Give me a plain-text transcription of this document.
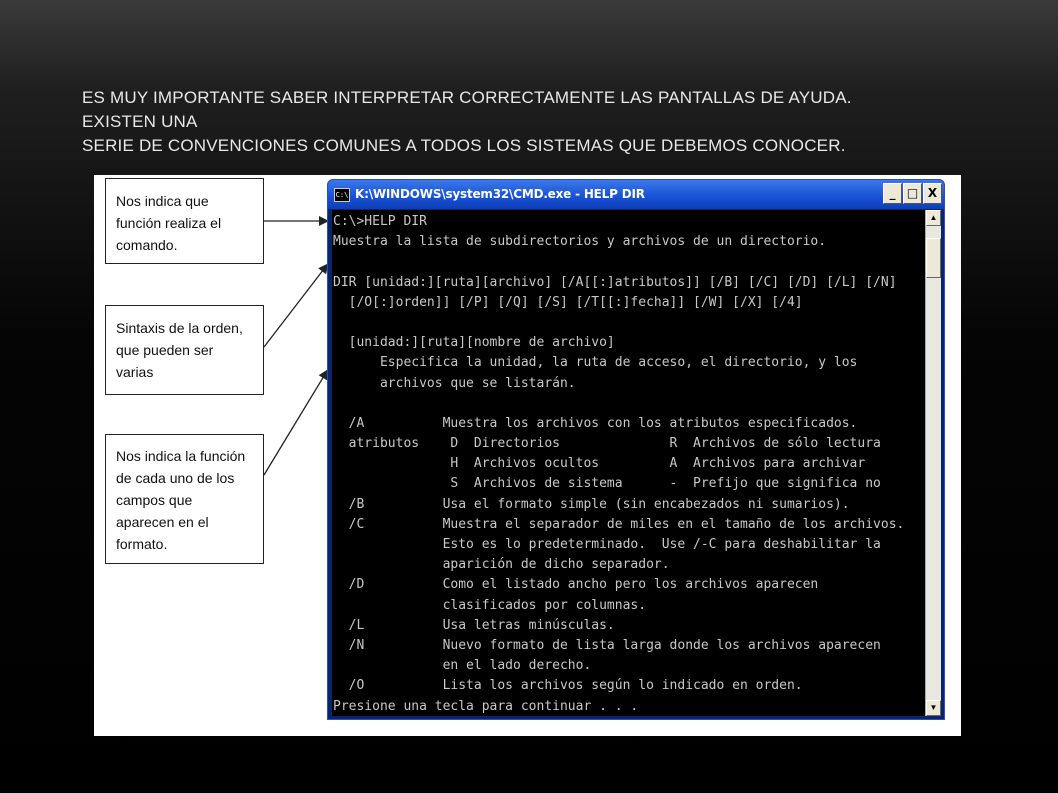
ES MUY IMPORTANTE SABER INTERPRETAR CORRECTAMENTE LAS PANTALLAS DE AYUDA.
EXISTEN UNA
SERIE DE CONVENCIONES COMUNES A TODOS LOS SISTEMAS QUE DEBEMOS CONOCER.
Nos indica que
función realiza el
comando.
Sintaxis de la orden,
que pueden ser
varias
Nos indica la función
de cada uno de los
campos que
aparecen en el
formato.
C:\ K:\WINDOWS\system32\CMD.exe - HELP DIR	_ □ X
C:\>HELP DIR
Muestra la lista de subdirectorios y archivos de un directorio.
DIR [unidad:][ruta][archivo] [/A[[:]atributos]] [/B] [/C] [/D] [/L] [/N]
[/O[:]orden]] [/P] [/Q] [/S] [/T[[:]fecha]] [/W] [/X] [/4]
[unidad:][ruta][nombre de archivo]
Especifica la unidad, la ruta de acceso, el directorio, y los
archivos que se listarán.
/A          Muestra los archivos con los atributos especificados.
atributos    D  Directorios              R  Archivos de sólo lectura
H  Archivos ocultos         A  Archivos para archivar
S  Archivos de sistema      -  Prefijo que significa no
/B          Usa el formato simple (sin encabezados ni sumarios).
/C          Muestra el separador de miles en el tamaño de los archivos.
Esto es lo predeterminado.  Use /-C para deshabilitar la
aparición de dicho separador.
/D          Como el listado ancho pero los archivos aparecen
clasificados por columnas.
/L          Usa letras minúsculas.
/N          Nuevo formato de lista larga donde los archivos aparecen
en el lado derecho.
/O          Lista los archivos según lo indicado en orden.
Presione una tecla para continuar . . .
▲
▼
